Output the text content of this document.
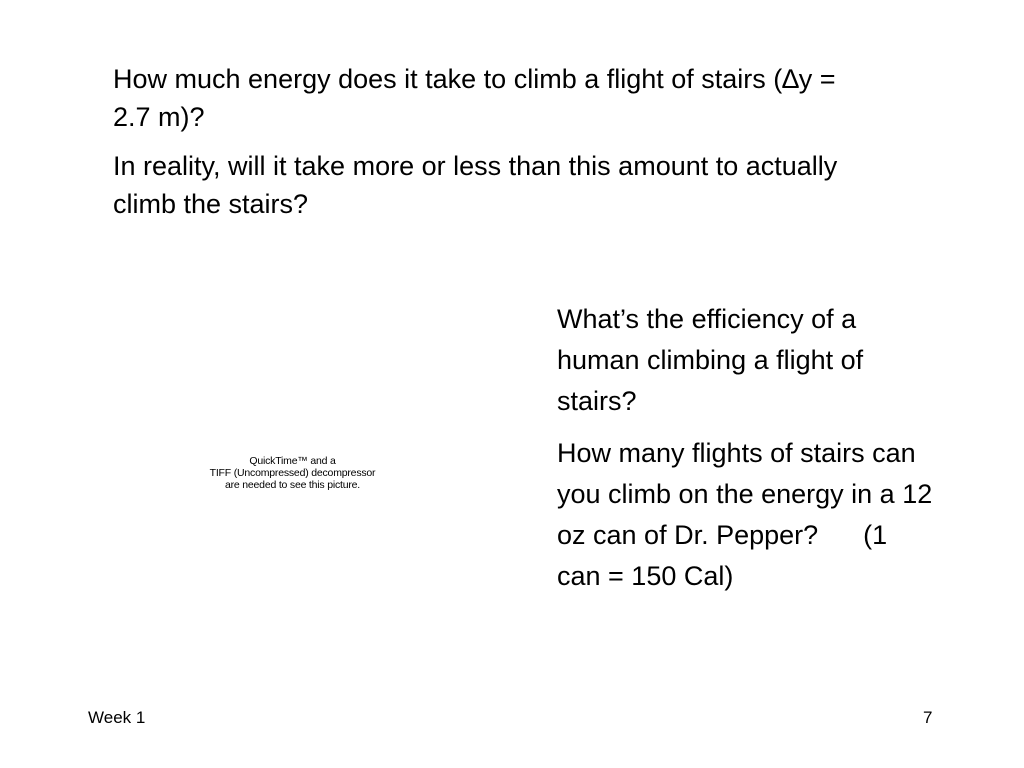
How much energy does it take to climb a flight of stairs (∆y = 2.7 m)?

In reality, will it take more or less than this amount to actually climb the stairs?

QuickTime™ and a
TIFF (Uncompressed) decompressor
are needed to see this picture.

What’s the efficiency of a human climbing a flight of stairs?

How many flights of stairs can you climb on the energy in a 12 oz can of Dr. Pepper?      (1 can = 150 Cal)

Week 1	7
